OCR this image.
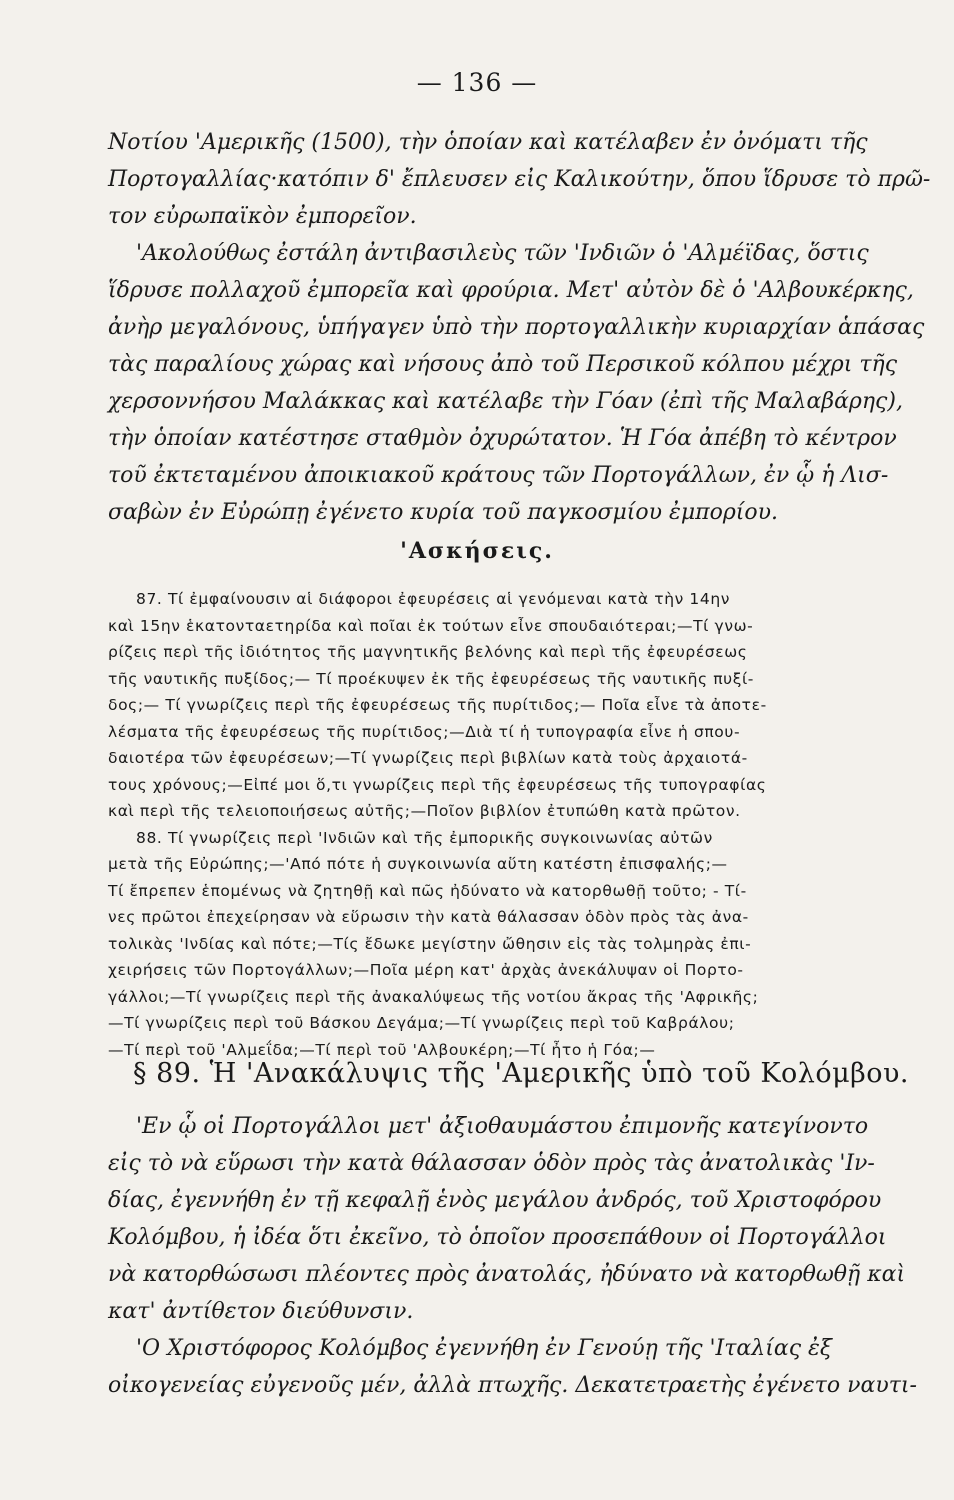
— 136 —
Νοτίου 'Αμερικῆς (1500), τὴν ὁποίαν καὶ κατέλαβεν ἐν ὀνόματι τῆς
Πορτογαλλίας·κατόπιν δ' ἔπλευσεν εἰς Καλικούτην, ὅπου ἵδρυσε τὸ πρῶ-
τον εὐρωπαϊκὸν ἐμπορεῖον.
'Ακολούθως ἐστάλη ἀντιβασιλεὺς τῶν 'Ινδιῶν ὁ 'Αλμέϊδας, ὅστις
ἵδρυσε πολλαχοῦ ἐμπορεῖα καὶ φρούρια. Μετ' αὐτὸν δὲ ὁ 'Αλβουκέρκης,
ἀνὴρ μεγαλόνους, ὑπήγαγεν ὑπὸ τὴν πορτογαλλικὴν κυριαρχίαν ἁπάσας
τὰς παραλίους χώρας καὶ νήσους ἀπὸ τοῦ Περσικοῦ κόλπου μέχρι τῆς
χερσοννήσου Μαλάκκας καὶ κατέλαβε τὴν Γόαν (ἐπὶ τῆς Μαλαβάρης),
τὴν ὁποίαν κατέστησε σταθμὸν ὀχυρώτατον. Ἡ Γόα ἀπέβη τὸ κέντρον
τοῦ ἐκτεταμένου ἀποικιακοῦ κράτους τῶν Πορτογάλλων, ἐν ᾧ ἡ Λισ-
σαβὼν ἐν Εὐρώπῃ ἐγένετο κυρία τοῦ παγκοσμίου ἐμπορίου.
'Ασκήσεις.
87. Τί ἐμφαίνουσιν αἱ διάφοροι ἐφευρέσεις αἱ γενόμεναι κατὰ τὴν 14ην
καὶ 15ην ἑκατονταετηρίδα καὶ ποῖαι ἐκ τούτων εἶνε σπουδαιότεραι;—Τί γνω-
ρίζεις περὶ τῆς ἰδιότητος τῆς μαγνητικῆς βελόνης καὶ περὶ τῆς ἐφευρέσεως
τῆς ναυτικῆς πυξίδος;— Τί προέκυψεν ἐκ τῆς ἐφευρέσεως τῆς ναυτικῆς πυξί-
δος;— Τί γνωρίζεις περὶ τῆς ἐφευρέσεως τῆς πυρίτιδος;— Ποῖα εἶνε τὰ ἀποτε-
λέσματα τῆς ἐφευρέσεως τῆς πυρίτιδος;—Διὰ τί ἡ τυπογραφία εἶνε ἡ σπου-
δαιοτέρα τῶν ἐφευρέσεων;—Τί γνωρίζεις περὶ βιβλίων κατὰ τοὺς ἀρχαιοτά-
τους χρόνους;—Εἰπέ μοι ὅ,τι γνωρίζεις περὶ τῆς ἐφευρέσεως τῆς τυπογραφίας
καὶ περὶ τῆς τελειοποιήσεως αὐτῆς;—Ποῖον βιβλίον ἐτυπώθη κατὰ πρῶτον.
88. Τί γνωρίζεις περὶ 'Ινδιῶν καὶ τῆς ἐμπορικῆς συγκοινωνίας αὐτῶν
μετὰ τῆς Εὐρώπης;—'Από πότε ἡ συγκοινωνία αὕτη κατέστη ἐπισφαλής;—
Τί ἔπρεπεν ἑπομένως νὰ ζητηθῇ καὶ πῶς ἠδύνατο νὰ κατορθωθῇ τοῦτο; - Τί-
νες πρῶτοι ἐπεχείρησαν νὰ εὕρωσιν τὴν κατὰ θάλασσαν ὁδὸν πρὸς τὰς ἀνα-
τολικὰς 'Ινδίας καὶ πότε;—Τίς ἔδωκε μεγίστην ὤθησιν εἰς τὰς τολμηρὰς ἐπι-
χειρήσεις τῶν Πορτογάλλων;—Ποῖα μέρη κατ' ἀρχὰς ἀνεκάλυψαν οἱ Πορτο-
γάλλοι;—Τί γνωρίζεις περὶ τῆς ἀνακαλύψεως τῆς νοτίου ἄκρας τῆς 'Αφρικῆς;
—Τί γνωρίζεις περὶ τοῦ Βάσκου Δεγάμα;—Τί γνωρίζεις περὶ τοῦ Καβράλου;
—Τί περὶ τοῦ 'Αλμεΐδα;—Τί περὶ τοῦ 'Αλβουκέρη;—Τί ἦτο ἡ Γόα;—
§ 89. Ἡ 'Ανακάλυψις τῆς 'Αμερικῆς ὑπὸ τοῦ Κολόμβου.
'Εν ᾧ οἱ Πορτογάλλοι μετ' ἀξιοθαυμάστου ἐπιμονῆς κατεγίνοντο
εἰς τὸ νὰ εὕρωσι τὴν κατὰ θάλασσαν ὁδὸν πρὸς τὰς ἀνατολικὰς 'Ιν-
δίας, ἐγεννήθη ἐν τῇ κεφαλῇ ἑνὸς μεγάλου ἀνδρός, τοῦ Χριστοφόρου
Κολόμβου, ἡ ἰδέα ὅτι ἐκεῖνο, τὸ ὁποῖον προσεπάθουν οἱ Πορτογάλλοι
νὰ κατορθώσωσι πλέοντες πρὸς ἀνατολάς, ἠδύνατο νὰ κατορθωθῇ καὶ
κατ' ἀντίθετον διεύθυνσιν.
'Ο Χριστόφορος Κολόμβος ἐγεννήθη ἐν Γενούῃ τῆς 'Ιταλίας ἐξ
οἰκογενείας εὐγενοῦς μέν, ἀλλὰ πτωχῆς. Δεκατετραετὴς ἐγένετο ναυτι-
